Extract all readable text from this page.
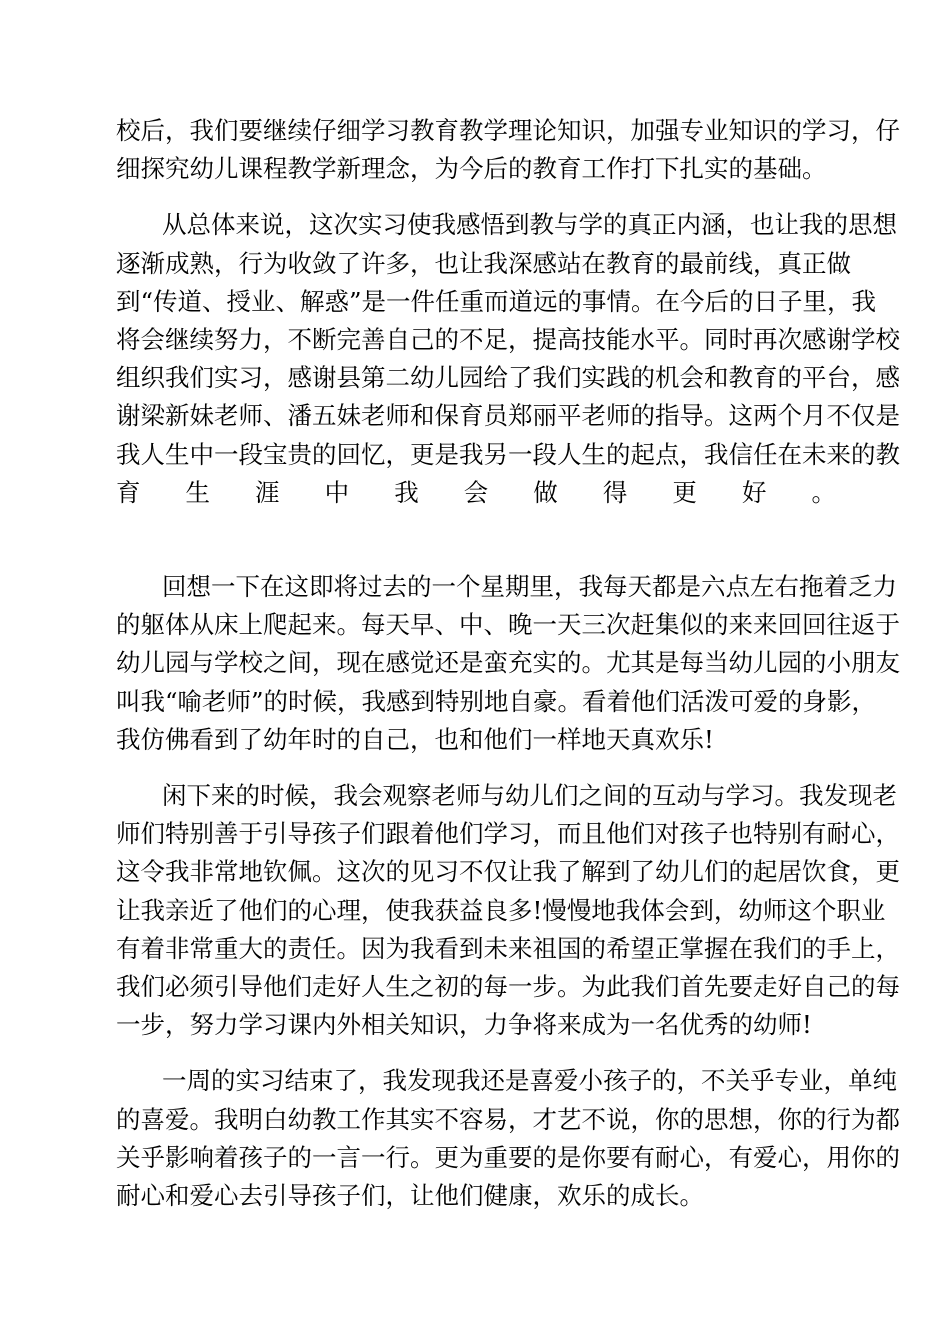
校后，我们要继续仔细学习教育教学理论知识，加强专业知识的学习，仔
细探究幼儿课程教学新理念，为今后的教育工作打下扎实的基础。
从总体来说，这次实习使我感悟到教与学的真正内涵，也让我的思想
逐渐成熟，行为收敛了许多，也让我深感站在教育的最前线，真正做
到“传道、授业、解惑”是一件任重而道远的事情。在今后的日子里，我
将会继续努力，不断完善自己的不足，提高技能水平。同时再次感谢学校
组织我们实习，感谢县第二幼儿园给了我们实践的机会和教育的平台，感
谢梁新妹老师、潘五妹老师和保育员郑丽平老师的指导。这两个月不仅是
我人生中一段宝贵的回忆，更是我另一段人生的起点，我信任在未来的教
育生涯中我会做得更好。
回想一下在这即将过去的一个星期里，我每天都是六点左右拖着乏力
的躯体从床上爬起来。每天早、中、晚一天三次赶集似的来来回回往返于
幼儿园与学校之间，现在感觉还是蛮充实的。尤其是每当幼儿园的小朋友
叫我“喻老师”的时候，我感到特别地自豪。看着他们活泼可爱的身影，
我仿佛看到了幼年时的自己，也和他们一样地天真欢乐!
闲下来的时候，我会观察老师与幼儿们之间的互动与学习。我发现老
师们特别善于引导孩子们跟着他们学习，而且他们对孩子也特别有耐心，
这令我非常地钦佩。这次的见习不仅让我了解到了幼儿们的起居饮食，更
让我亲近了他们的心理，使我获益良多!慢慢地我体会到，幼师这个职业
有着非常重大的责任。因为我看到未来祖国的希望正掌握在我们的手上，
我们必须引导他们走好人生之初的每一步。为此我们首先要走好自己的每
一步，努力学习课内外相关知识，力争将来成为一名优秀的幼师!
一周的实习结束了，我发现我还是喜爱小孩子的，不关乎专业，单纯
的喜爱。我明白幼教工作其实不容易，才艺不说，你的思想，你的行为都
关乎影响着孩子的一言一行。更为重要的是你要有耐心，有爱心，用你的
耐心和爱心去引导孩子们，让他们健康，欢乐的成长。
